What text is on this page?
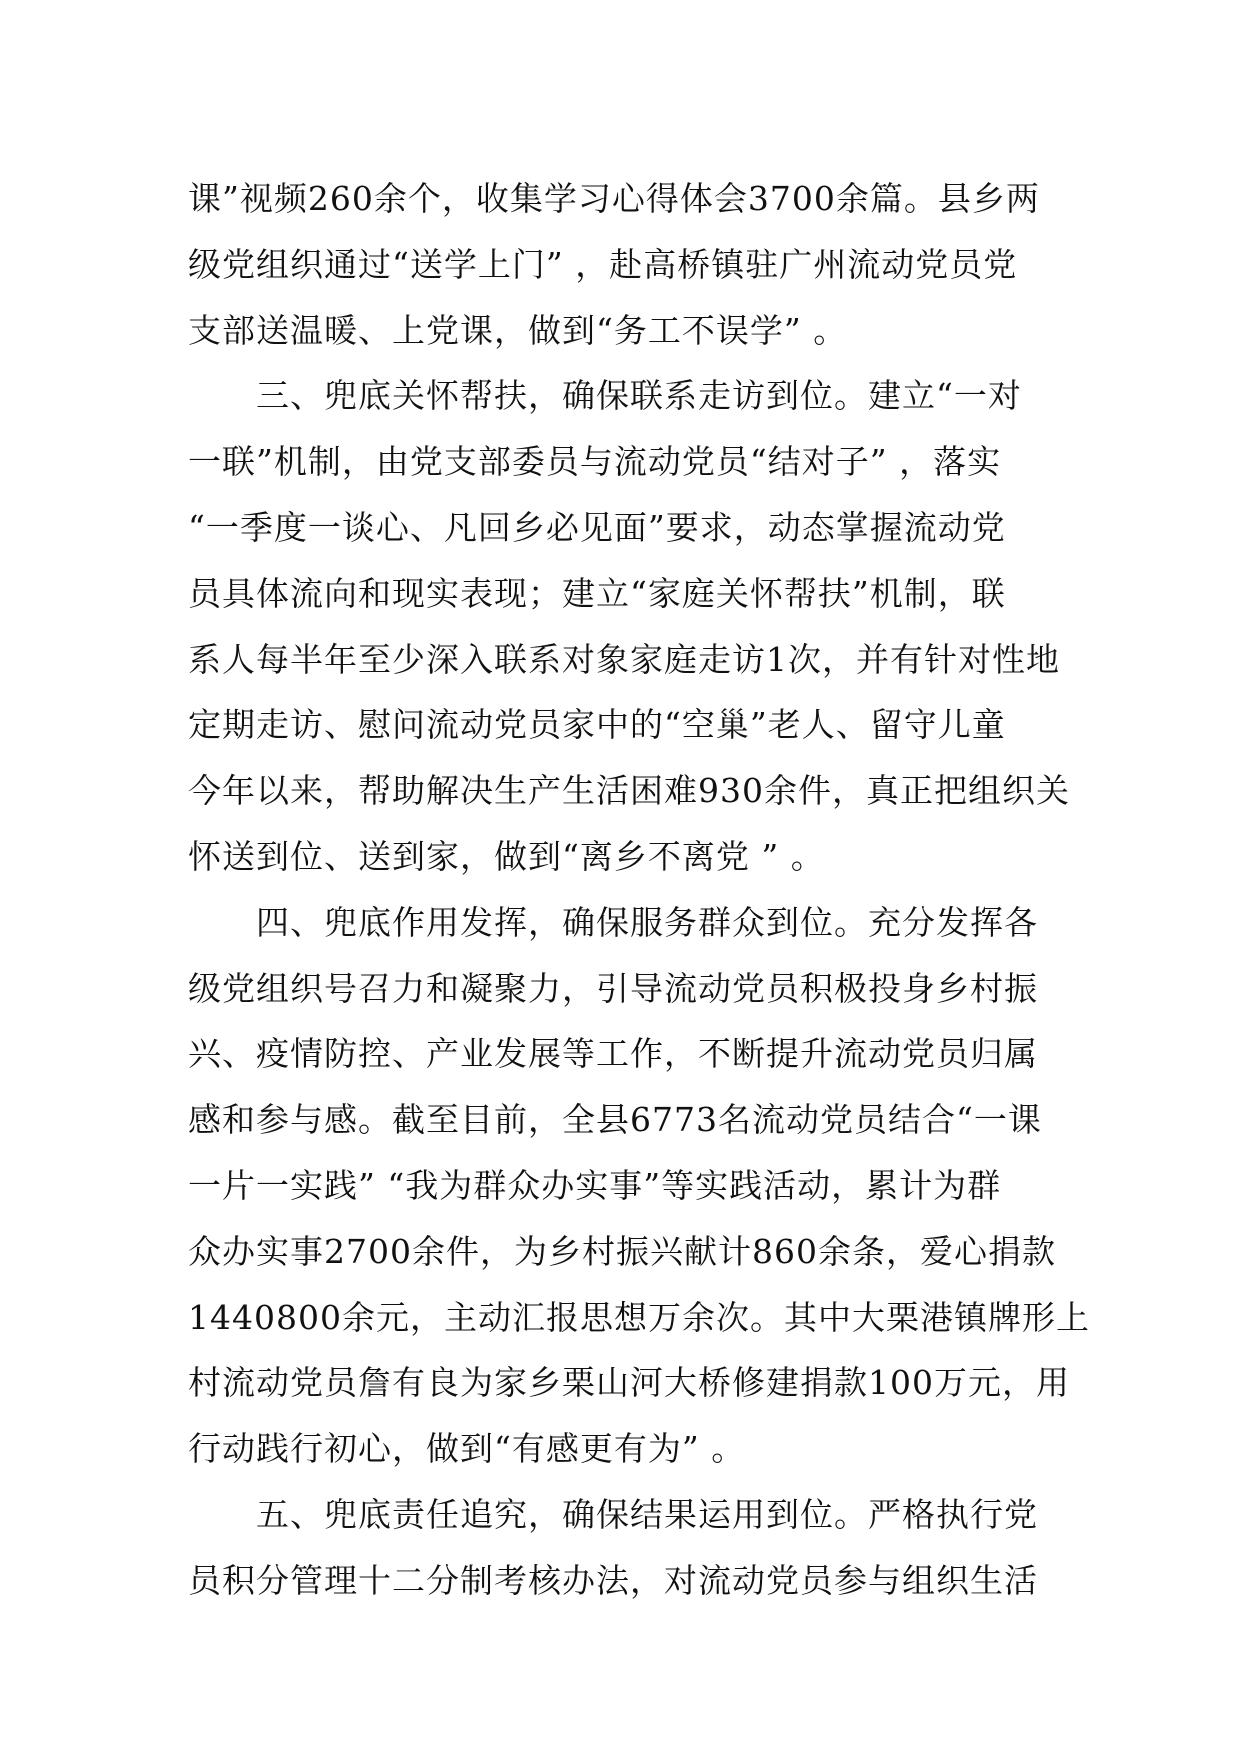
课”视频260余个，收集学习心得体会3700余篇。县乡两
级党组织通过“送学上门” ，赴高桥镇驻广州流动党员党
支部送温暖、上党课，做到“务工不误学” 。
　　三、兜底关怀帮扶，确保联系走访到位。建立“一对
一联”机制，由党支部委员与流动党员“结对子” ，落实
“一季度一谈心、凡回乡必见面”要求，动态掌握流动党
员具体流向和现实表现；建立“家庭关怀帮扶”机制，联
系人每半年至少深入联系对象家庭走访1次，并有针对性地
定期走访、慰问流动党员家中的“空巢”老人、留守儿童
今年以来，帮助解决生产生活困难930余件，真正把组织关
怀送到位、送到家，做到“离乡不离党 ” 。
　　四、兜底作用发挥，确保服务群众到位。充分发挥各
级党组织号召力和凝聚力，引导流动党员积极投身乡村振
兴、疫情防控、产业发展等工作，不断提升流动党员归属
感和参与感。截至目前，全县6773名流动党员结合“一课
一片一实践” “我为群众办实事”等实践活动，累计为群
众办实事2700余件，为乡村振兴献计860余条，爱心捐款
1440800余元，主动汇报思想万余次。其中大栗港镇牌形上
村流动党员詹有良为家乡栗山河大桥修建捐款100万元，用
行动践行初心，做到“有感更有为” 。
　　五、兜底责任追究，确保结果运用到位。严格执行党
员积分管理十二分制考核办法，对流动党员参与组织生活
